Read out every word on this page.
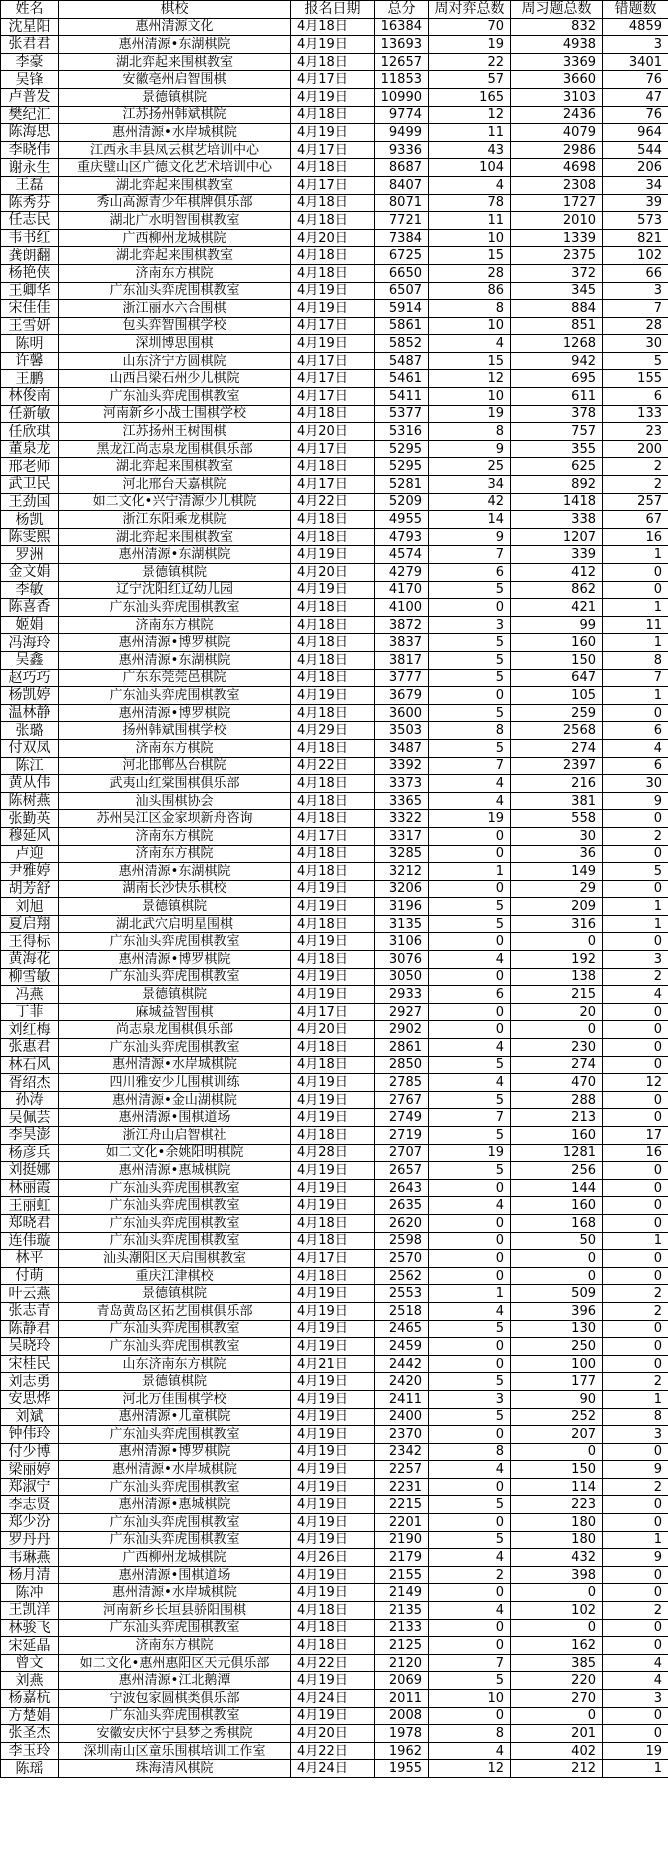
姓名	棋校	报名日期	总分	周对弈总数	周习题总数	错题数
沈星阳	惠州清源文化	4月18日	16384	70	832	4859
张君君	惠州清源•东湖棋院	4月19日	13693	19	4938	3
李豪	湖北弈起来围棋教室	4月18日	12657	22	3369	3401
吴锋	安徽亳州启智围棋	4月17日	11853	57	3660	76
卢普发	景德镇棋院	4月19日	10990	165	3103	47
樊纪汇	江苏扬州韩斌棋院	4月18日	9774	12	2436	76
陈海思	惠州清源•水岸城棋院	4月19日	9499	11	4079	964
李晓伟	江西永丰县凤云棋艺培训中心	4月17日	9336	43	2986	544
谢永生	重庆璧山区广德文化艺术培训中心	4月18日	8687	104	4698	206
王磊	湖北弈起来围棋教室	4月17日	8407	4	2308	34
陈秀芬	秀山高源青少年棋牌俱乐部	4月18日	8071	78	1727	39
任志民	湖北广水明智围棋教室	4月18日	7721	11	2010	573
韦书红	广西柳州龙城棋院	4月20日	7384	10	1339	821
龚朗翻	湖北弈起来围棋教室	4月18日	6725	15	2375	102
杨艳侠	济南东方棋院	4月18日	6650	28	372	66
王卿华	广东汕头弈虎围棋教室	4月19日	6507	86	345	3
宋佳佳	浙江丽水六合围棋	4月19日	5914	8	884	7
王雪妍	包头弈智围棋学校	4月17日	5861	10	851	28
陈明	深圳博思围棋	4月19日	5852	4	1268	30
许馨	山东济宁方圆棋院	4月17日	5487	15	942	5
王鹏	山西吕梁石州少儿棋院	4月17日	5461	12	695	155
林俊南	广东汕头弈虎围棋教室	4月17日	5411	10	611	6
任新敏	河南新乡小战士围棋学校	4月18日	5377	19	378	133
任欣琪	江苏扬州王树围棋	4月20日	5316	8	757	23
董泉龙	黑龙江尚志泉龙围棋俱乐部	4月17日	5295	9	355	200
邢老师	湖北弈起来围棋教室	4月18日	5295	25	625	2
武卫民	河北邢台天嘉棋院	4月17日	5281	34	892	2
王劲国	如二文化•兴宁清源少儿棋院	4月22日	5209	42	1418	257
杨凯	浙江东阳乘龙棋院	4月18日	4955	14	338	67
陈雯熙	湖北弈起来围棋教室	4月18日	4793	9	1207	16
罗洲	惠州清源•东湖棋院	4月19日	4574	7	339	1
金文娟	景德镇棋院	4月20日	4279	6	412	0
李敏	辽宁沈阳红辽幼儿园	4月19日	4170	5	862	0
陈喜香	广东汕头弈虎围棋教室	4月18日	4100	0	421	1
姬娟	济南东方棋院	4月18日	3872	3	99	11
冯海玲	惠州清源•博罗棋院	4月18日	3837	5	160	1
吴鑫	惠州清源•东湖棋院	4月18日	3817	5	150	8
赵巧巧	广东东莞莞邑棋院	4月18日	3777	5	647	7
杨凯婷	广东汕头弈虎围棋教室	4月19日	3679	0	105	1
温林静	惠州清源•博罗棋院	4月18日	3600	5	259	0
张璐	扬州韩斌围棋学校	4月29日	3503	8	2568	6
付双凤	济南东方棋院	4月18日	3487	5	274	4
陈江	河北邯郸丛台棋院	4月22日	3392	7	2397	6
黄从伟	武夷山红棠围棋俱乐部	4月18日	3373	4	216	30
陈树燕	汕头围棋协会	4月18日	3365	4	381	9
张勤英	苏州吴江区金家坝新舟咨询	4月18日	3322	19	558	0
穆延风	济南东方棋院	4月17日	3317	0	30	2
卢迎	济南东方棋院	4月18日	3285	0	36	0
尹雅婷	惠州清源•东湖棋院	4月18日	3212	1	149	5
胡芳舒	湖南长沙快乐棋校	4月19日	3206	0	29	0
刘旭	景德镇棋院	4月19日	3196	5	209	1
夏启翔	湖北武穴启明星围棋	4月18日	3135	5	316	1
王得标	广东汕头弈虎围棋教室	4月19日	3106	0	0	0
黄海花	惠州清源•博罗棋院	4月18日	3076	4	192	3
柳雪敏	广东汕头弈虎围棋教室	4月19日	3050	0	138	2
冯燕	景德镇棋院	4月19日	2933	6	215	4
丁菲	麻城益智围棋	4月17日	2927	0	20	0
刘红梅	尚志泉龙围棋俱乐部	4月20日	2902	0	0	0
张惠君	广东汕头弈虎围棋教室	4月18日	2861	4	230	0
林石风	惠州清源•水岸城棋院	4月18日	2850	5	274	0
胥绍杰	四川雅安少儿围棋训练	4月19日	2785	4	470	12
孙涛	惠州清源•金山湖棋院	4月19日	2767	5	288	0
吴佩芸	惠州清源•围棋道场	4月19日	2749	7	213	0
李昊澎	浙江舟山启智棋社	4月18日	2719	5	160	17
杨彦兵	如二文化•余姚阳明棋院	4月28日	2707	19	1281	16
刘挺娜	惠州清源•惠城棋院	4月19日	2657	5	256	0
林丽霞	广东汕头弈虎围棋教室	4月19日	2643	0	144	0
王丽虹	广东汕头弈虎围棋教室	4月19日	2635	4	160	0
郑晓君	广东汕头弈虎围棋教室	4月18日	2620	0	168	0
连伟璇	广东汕头弈虎围棋教室	4月18日	2598	0	50	1
林平	汕头潮阳区天启围棋教室	4月17日	2570	0	0	0
付萌	重庆江津棋校	4月18日	2562	0	0	0
叶云燕	景德镇棋院	4月19日	2553	1	509	2
张志青	青岛黄岛区拓艺围棋俱乐部	4月19日	2518	4	396	2
陈静君	广东汕头弈虎围棋教室	4月19日	2465	5	130	0
吴晓玲	广东汕头弈虎围棋教室	4月19日	2459	0	250	0
宋桂民	山东济南东方棋院	4月21日	2442	0	100	0
刘志勇	景德镇棋院	4月19日	2420	5	177	2
安思烨	河北万佳围棋学校	4月19日	2411	3	90	1
刘斌	惠州清源•儿童棋院	4月19日	2400	5	252	8
钟伟玲	广东汕头弈虎围棋教室	4月19日	2370	0	207	3
付少博	惠州清源•博罗棋院	4月19日	2342	8	0	0
梁丽婷	惠州清源•水岸城棋院	4月19日	2257	4	150	9
郑淑宁	广东汕头弈虎围棋教室	4月19日	2231	0	114	2
李志贤	惠州清源•惠城棋院	4月19日	2215	5	223	0
郑少汾	广东汕头弈虎围棋教室	4月19日	2201	0	180	0
罗丹丹	广东汕头弈虎围棋教室	4月19日	2190	5	180	1
韦琳燕	广西柳州龙城棋院	4月26日	2179	4	432	9
杨月清	惠州清源•围棋道场	4月19日	2155	2	398	0
陈冲	惠州清源•水岸城棋院	4月19日	2149	0	0	0
王凯洋	河南新乡长垣县骄阳围棋	4月18日	2135	4	102	2
林骏飞	广东汕头弈虎围棋教室	4月18日	2133	0	0	0
宋延晶	济南东方棋院	4月18日	2125	0	162	0
曾文	如二文化•惠州惠阳区天元俱乐部	4月22日	2120	7	385	4
刘燕	惠州清源•江北鹅潭	4月19日	2069	5	220	4
杨嘉杭	宁波包家圆棋类俱乐部	4月24日	2011	10	270	3
方楚娟	广东汕头弈虎围棋教室	4月19日	2008	0	0	0
张圣杰	安徽安庆怀宁县梦之秀棋院	4月20日	1978	8	201	0
李玉玲	深圳南山区童乐围棋培训工作室	4月22日	1962	4	402	19
陈瑶	珠海清风棋院	4月24日	1955	12	212	1
